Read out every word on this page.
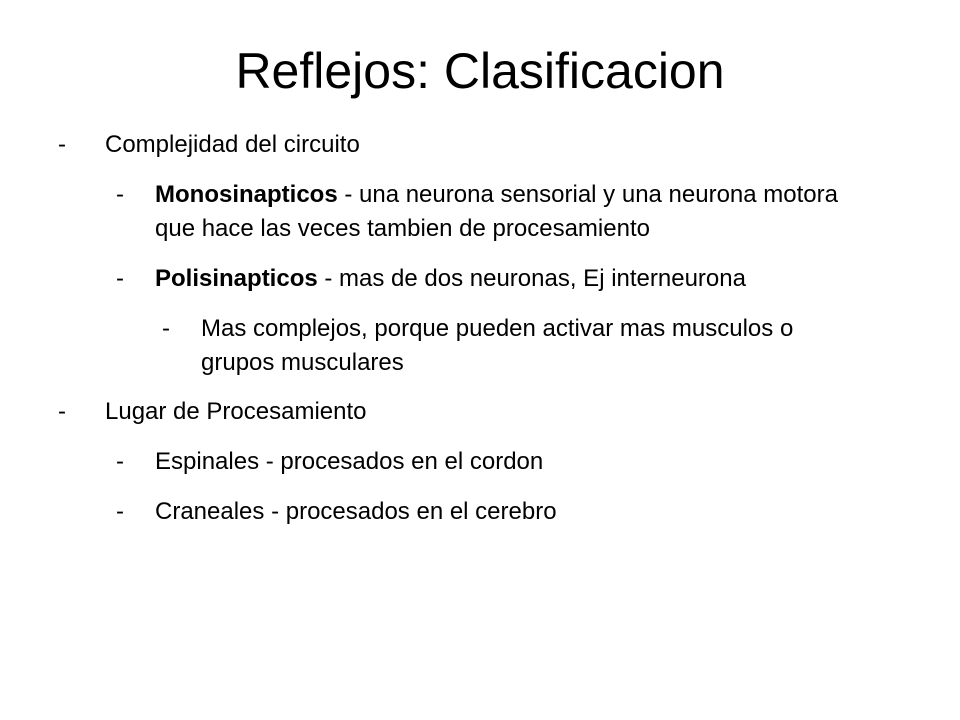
Reflejos: Clasificacion
- Complejidad del circuito
- Monosinapticos - una neurona sensorial y una neurona motora que hace las veces tambien de procesamiento
- Polisinapticos - mas de dos neuronas, Ej interneurona
- Mas complejos, porque pueden activar mas musculos o grupos musculares
- Lugar de Procesamiento
- Espinales - procesados en el cordon
- Craneales - procesados en el cerebro
